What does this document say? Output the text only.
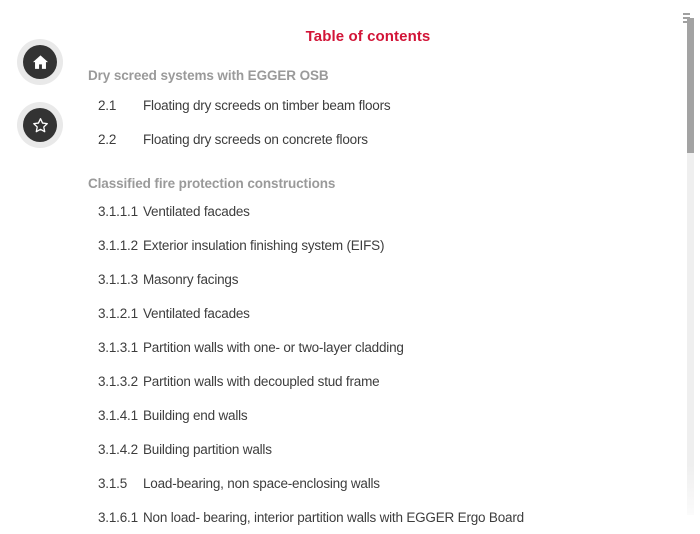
Table of contents
Dry screed systems with EGGER OSB
2.1	Floating dry screeds on timber beam floors
2.2	Floating dry screeds on concrete floors
Classified fire protection constructions
3.1.1.1 Ventilated facades
3.1.1.2 Exterior insulation finishing system (EIFS)
3.1.1.3 Masonry facings
3.1.2.1 Ventilated facades
3.1.3.1 Partition walls with one- or two-layer cladding
3.1.3.2 Partition walls with decoupled stud frame
3.1.4.1 Building end walls
3.1.4.2 Building partition walls
3.1.5	Load-bearing, non space-enclosing walls
3.1.6.1 Non load- bearing, interior partition walls with EGGER Ergo Board
